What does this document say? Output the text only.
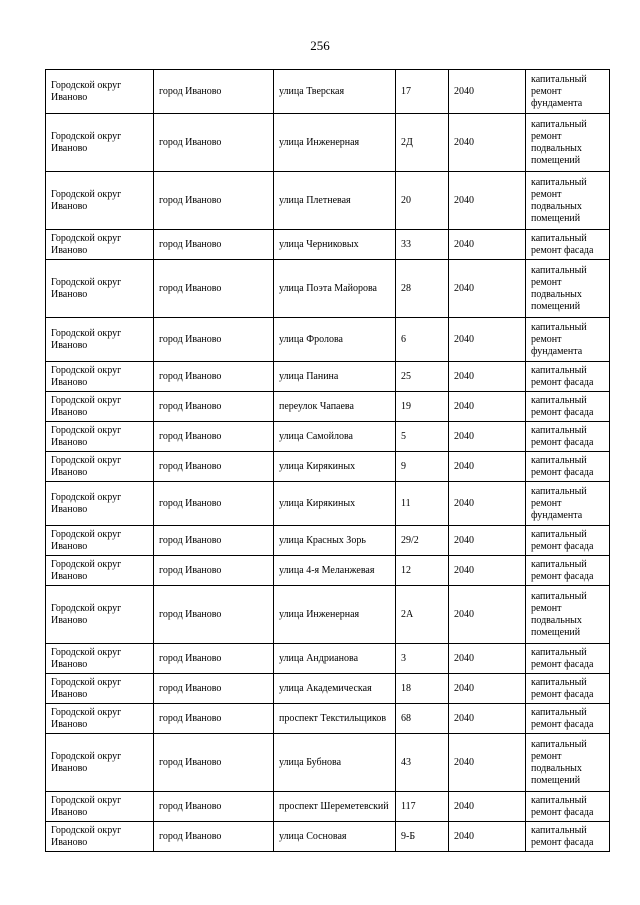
256
Городской округ Иваново	город Иваново	улица Тверская	17	2040	капитальный ремонт фундамента
Городской округ Иваново	город Иваново	улица Инженерная	2Д	2040	капитальный ремонт подвальных помещений
Городской округ Иваново	город Иваново	улица Плетневая	20	2040	капитальный ремонт подвальных помещений
Городской округ Иваново	город Иваново	улица Черниковых	33	2040	капитальный ремонт фасада
Городской округ Иваново	город Иваново	улица Поэта Майорова	28	2040	капитальный ремонт подвальных помещений
Городской округ Иваново	город Иваново	улица Фролова	6	2040	капитальный ремонт фундамента
Городской округ Иваново	город Иваново	улица Панина	25	2040	капитальный ремонт фасада
Городской округ Иваново	город Иваново	переулок Чапаева	19	2040	капитальный ремонт фасада
Городской округ Иваново	город Иваново	улица Самойлова	5	2040	капитальный ремонт фасада
Городской округ Иваново	город Иваново	улица Кирякиных	9	2040	капитальный ремонт фасада
Городской округ Иваново	город Иваново	улица Кирякиных	11	2040	капитальный ремонт фундамента
Городской округ Иваново	город Иваново	улица Красных Зорь	29/2	2040	капитальный ремонт фасада
Городской округ Иваново	город Иваново	улица 4-я Меланжевая	12	2040	капитальный ремонт фасада
Городской округ Иваново	город Иваново	улица Инженерная	2А	2040	капитальный ремонт подвальных помещений
Городской округ Иваново	город Иваново	улица Андрианова	3	2040	капитальный ремонт фасада
Городской округ Иваново	город Иваново	улица Академическая	18	2040	капитальный ремонт фасада
Городской округ Иваново	город Иваново	проспект Текстильщиков	68	2040	капитальный ремонт фасада
Городской округ Иваново	город Иваново	улица Бубнова	43	2040	капитальный ремонт подвальных помещений
Городской округ Иваново	город Иваново	проспект Шереметевский	117	2040	капитальный ремонт фасада
Городской округ Иваново	город Иваново	улица Сосновая	9-Б	2040	капитальный ремонт фасада
